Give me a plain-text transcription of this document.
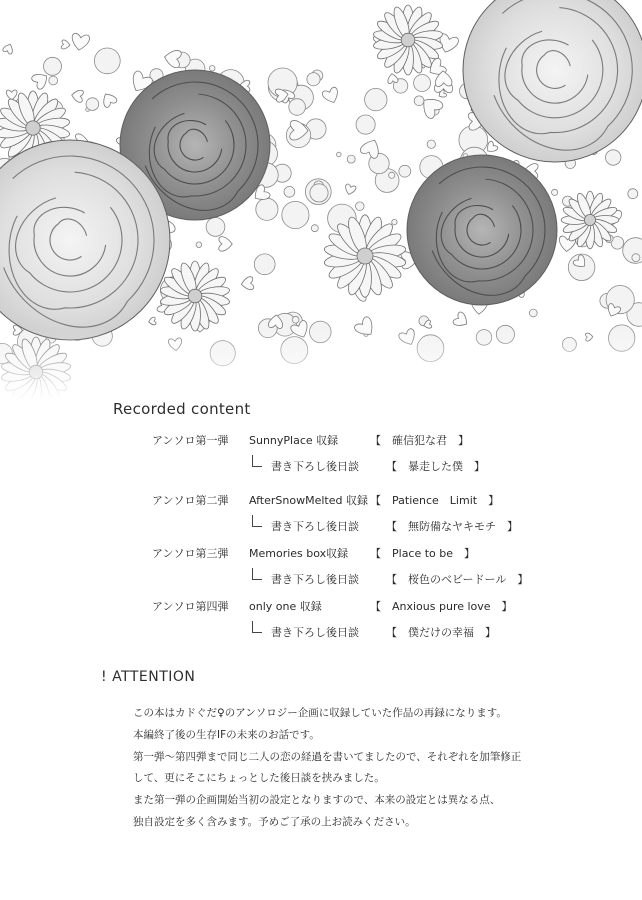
Recorded content
アンソロ第一弾 SunnyPlace 収録	【　確信犯な君　】
書き下ろし後日談 【　暴走した僕　】
アンソロ第二弾 AfterSnowMelted 収録 【　Patience　Limit　】
書き下ろし後日談 【　無防備なヤキモチ　】
アンソロ第三弾 Memories box収録 【　Place to be　】
書き下ろし後日談 【　桜色のベビードール　】
アンソロ第四弾 only one 収録	【　Anxious pure love　】
書き下ろし後日談 【　僕だけの幸福　】
! ATTENTION

この本はカドぐだ♀のアンソロジー企画に収録していた作品の再録になります。

本編終了後の生存IFの未来のお話です。

第一弾～第四弾まで同じ二人の恋の経過を書いてましたので、それぞれを加筆修正

して、更にそこにちょっとした後日談を挟みました。

また第一弾の企画開始当初の設定となりますので、本来の設定とは異なる点、

独自設定を多く含みます。予めご了承の上お読みください。
